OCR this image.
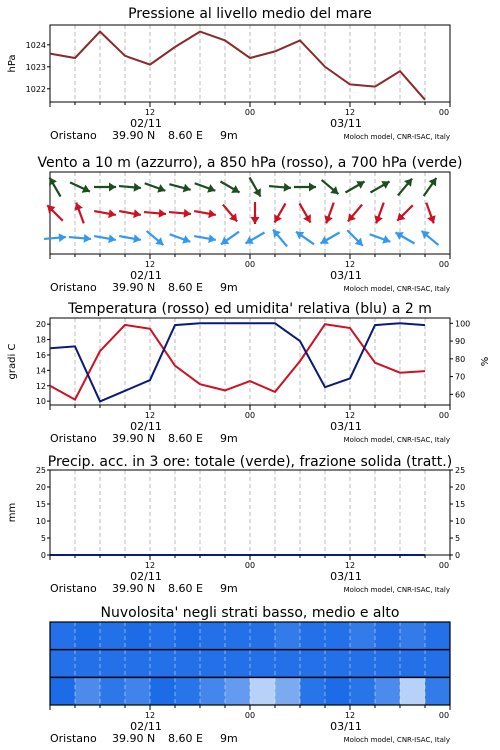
Pressione al livello medio del mare
1022
1023
1024
hPa
12	00	12	00
02/11	03/11
Oristano 39.90 N 8.60 E 9m	Moloch model, CNR-ISAC, Italy
Vento a 10 m (azzurro), a 850 hPa (rosso), a 700 hPa (verde)
12	00	12	00
02/11	03/11
Oristano 39.90 N 8.60 E 9m	Moloch model, CNR-ISAC, Italy
Temperatura (rosso) ed umidita' relativa (blu) a 2 m
10
12
14
16
18
20
60
70
80
90
100
gradi C	%
12	00	12	00
02/11	03/11
Oristano 39.90 N 8.60 E 9m	Moloch model, CNR-ISAC, Italy
Precip. acc. in 3 ore: totale (verde), frazione solida (tratt.)
0	0
5	5
10	10
15	15
20	20
25	25
mm
12	00	12	00
02/11	03/11
Oristano 39.90 N 8.60 E 9m	Moloch model, CNR-ISAC, Italy
Nuvolosita' negli strati basso, medio e alto
12	00	12	00
02/11	03/11
Oristano 39.90 N 8.60 E 9m	Moloch model, CNR-ISAC, Italy
